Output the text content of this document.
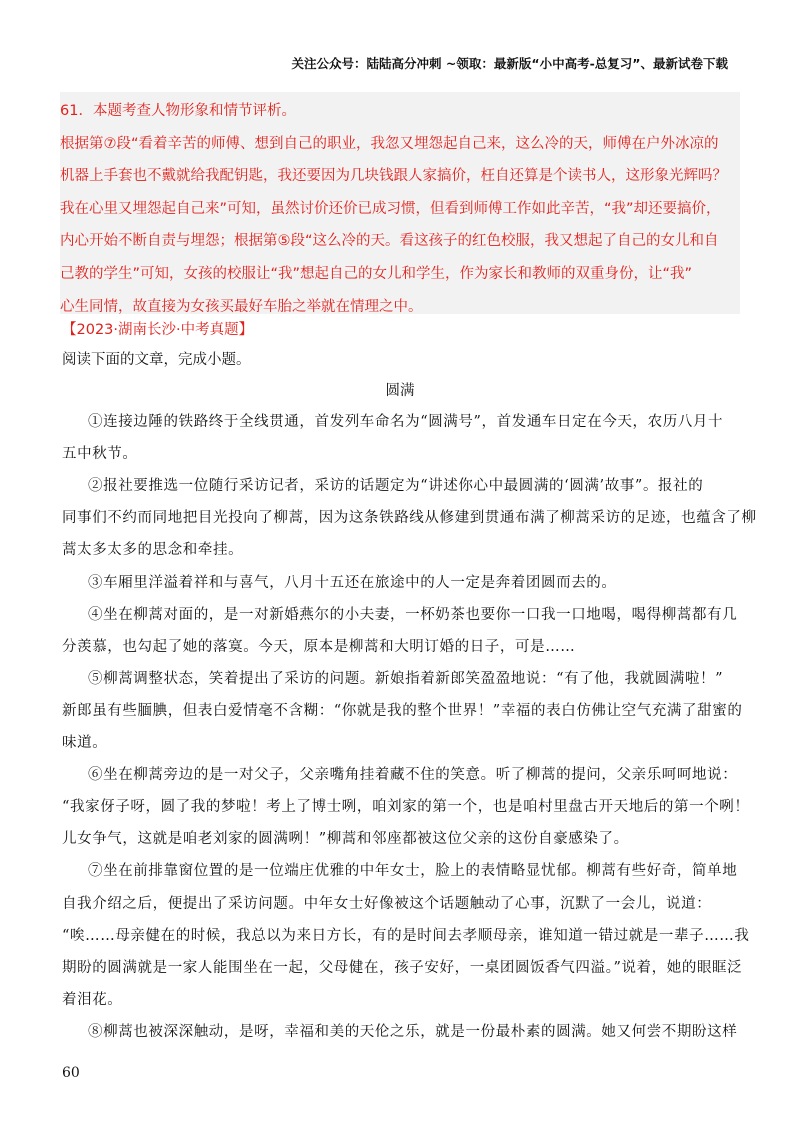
关注公众号：陆陆高分冲刺 ~领取：最新版“小中高考-总复习”、最新试卷下载
61．本题考查人物形象和情节评析。
根据第⑦段“看着辛苦的师傅、想到自己的职业，我忽又埋怨起自己来，这么冷的天，师傅在户外冰凉的
机器上手套也不戴就给我配钥匙，我还要因为几块钱跟人家搞价，枉自还算是个读书人，这形象光辉吗？
我在心里又埋怨起自己来”可知，虽然讨价还价已成习惯，但看到师傅工作如此辛苦，“我”却还要搞价，
内心开始不断自责与埋怨；根据第⑤段“这么冷的天。看这孩子的红色校服，我又想起了自己的女儿和自
己教的学生”可知，女孩的校服让“我”想起自己的女儿和学生，作为家长和教师的双重身份，让“我”
心生同情，故直接为女孩买最好车胎之举就在情理之中。
【2023·湖南长沙·中考真题】
阅读下面的文章，完成小题。
圆满
①连接边陲的铁路终于全线贯通，首发列车命名为“圆满号”，首发通车日定在今天，农历八月十
五中秋节。
②报社要推选一位随行采访记者，采访的话题定为“讲述你心中最圆满的‘圆满’故事”。报社的
同事们不约而同地把目光投向了柳蒿，因为这条铁路线从修建到贯通布满了柳蒿采访的足迹，也蕴含了柳
蒿太多太多的思念和牵挂。
③车厢里洋溢着祥和与喜气，八月十五还在旅途中的人一定是奔着团圆而去的。
④坐在柳蒿对面的，是一对新婚燕尔的小夫妻，一杯奶茶也要你一口我一口地喝，喝得柳蒿都有几
分羡慕，也勾起了她的落寞。今天，原本是柳蒿和大明订婚的日子，可是……
⑤柳蒿调整状态，笑着提出了采访的问题。新娘指着新郎笑盈盈地说：“有了他，我就圆满啦！”
新郎虽有些腼腆，但表白爱情毫不含糊：“你就是我的整个世界！”幸福的表白仿佛让空气充满了甜蜜的
味道。
⑥坐在柳蒿旁边的是一对父子，父亲嘴角挂着藏不住的笑意。听了柳蒿的提问，父亲乐呵呵地说：
“我家伢子呀，圆了我的梦啦！考上了博士咧，咱刘家的第一个，也是咱村里盘古开天地后的第一个咧！
儿女争气，这就是咱老刘家的圆满咧！”柳蒿和邻座都被这位父亲的这份自豪感染了。
⑦坐在前排靠窗位置的是一位端庄优雅的中年女士，脸上的表情略显忧郁。柳蒿有些好奇，简单地
自我介绍之后，便提出了采访问题。中年女士好像被这个话题触动了心事，沉默了一会儿，说道：
“唉……母亲健在的时候，我总以为来日方长，有的是时间去孝顺母亲，谁知道一错过就是一辈子……我
期盼的圆满就是一家人能围坐在一起，父母健在，孩子安好，一桌团圆饭香气四溢。”说着，她的眼眶泛
着泪花。
⑧柳蒿也被深深触动，是呀，幸福和美的天伦之乐，就是一份最朴素的圆满。她又何尝不期盼这样
60
